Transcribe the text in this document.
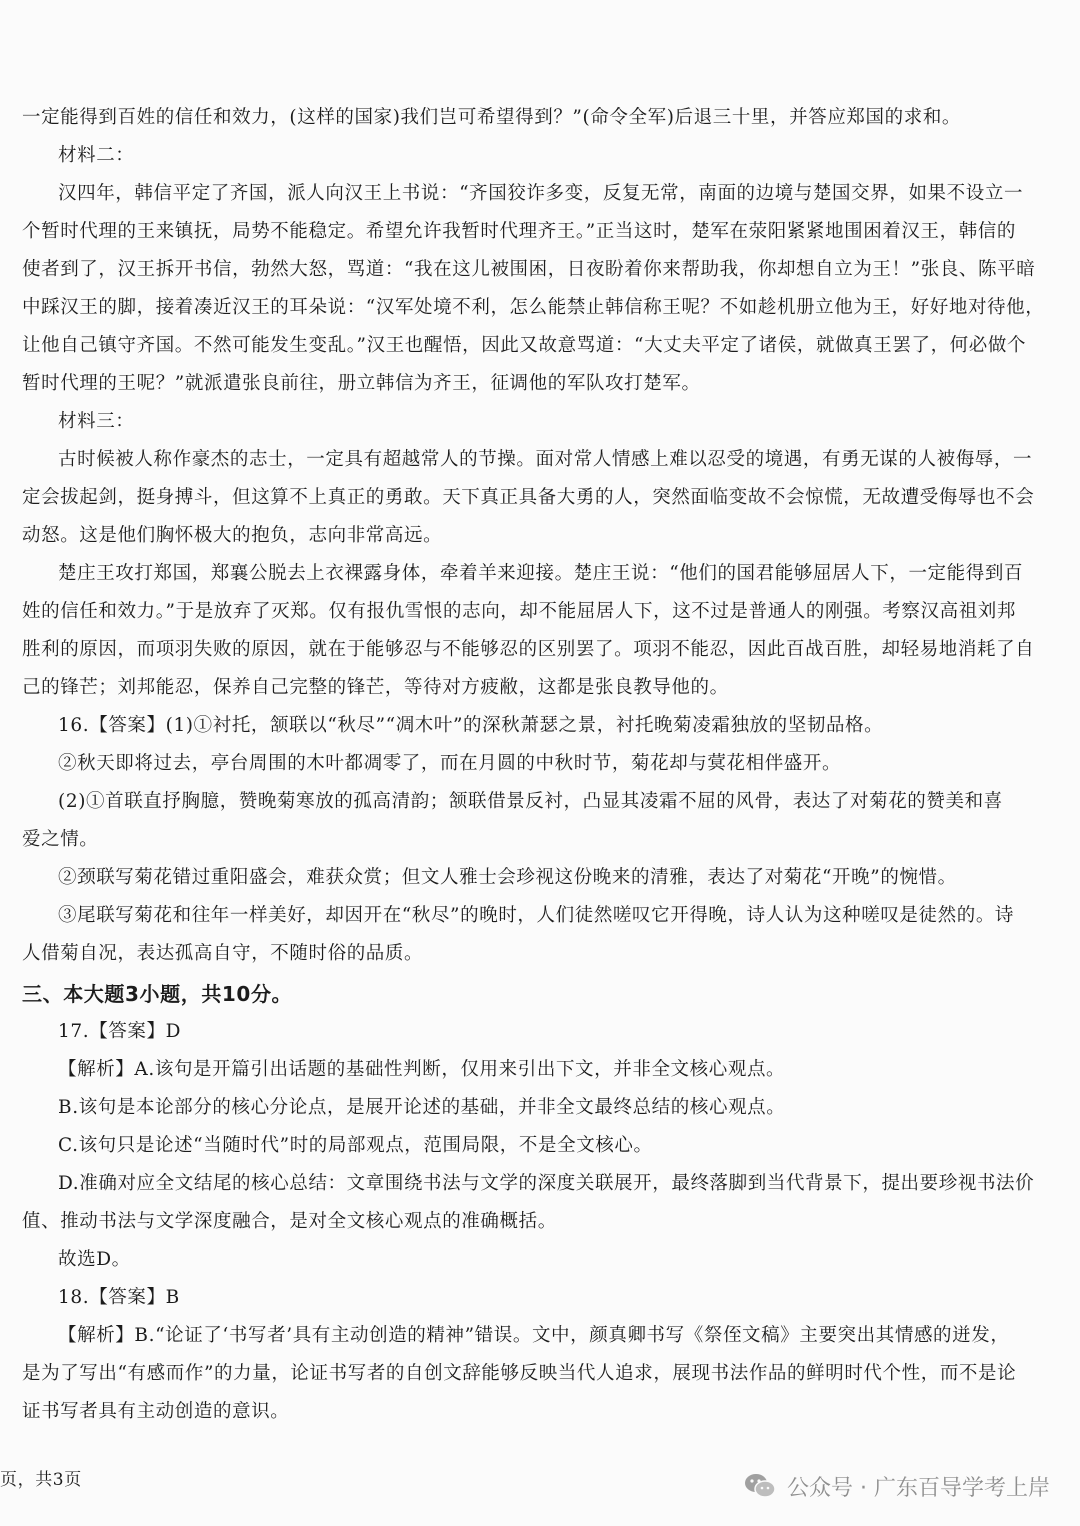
一定能得到百姓的信任和效力，(这样的国家)我们岂可希望得到？”(命令全军)后退三十里，并答应郑国的求和。
材料二：
汉四年，韩信平定了齐国，派人向汉王上书说：“齐国狡诈多变，反复无常，南面的边境与楚国交界，如果不设立一
个暂时代理的王来镇抚，局势不能稳定。希望允许我暂时代理齐王。”正当这时，楚军在荥阳紧紧地围困着汉王，韩信的
使者到了，汉王拆开书信，勃然大怒，骂道：“我在这儿被围困，日夜盼着你来帮助我，你却想自立为王！”张良、陈平暗
中踩汉王的脚，接着凑近汉王的耳朵说：“汉军处境不利，怎么能禁止韩信称王呢？不如趁机册立他为王，好好地对待他，
让他自己镇守齐国。不然可能发生变乱。”汉王也醒悟，因此又故意骂道：“大丈夫平定了诸侯，就做真王罢了，何必做个
暂时代理的王呢？”就派遣张良前往，册立韩信为齐王，征调他的军队攻打楚军。
材料三：
古时候被人称作豪杰的志士，一定具有超越常人的节操。面对常人情感上难以忍受的境遇，有勇无谋的人被侮辱，一
定会拔起剑，挺身搏斗，但这算不上真正的勇敢。天下真正具备大勇的人，突然面临变故不会惊慌，无故遭受侮辱也不会
动怒。这是他们胸怀极大的抱负，志向非常高远。
楚庄王攻打郑国，郑襄公脱去上衣裸露身体，牵着羊来迎接。楚庄王说：“他们的国君能够屈居人下，一定能得到百
姓的信任和效力。”于是放弃了灭郑。仅有报仇雪恨的志向，却不能屈居人下，这不过是普通人的刚强。考察汉高祖刘邦
胜利的原因，而项羽失败的原因，就在于能够忍与不能够忍的区别罢了。项羽不能忍，因此百战百胜，却轻易地消耗了自
己的锋芒；刘邦能忍，保养自己完整的锋芒，等待对方疲敝，这都是张良教导他的。
16.【答案】(1)①衬托，颔联以“秋尽”“凋木叶”的深秋萧瑟之景，衬托晚菊凌霜独放的坚韧品格。
②秋天即将过去，亭台周围的木叶都凋零了，而在月圆的中秋时节，菊花却与蓂花相伴盛开。
(2)①首联直抒胸臆，赞晚菊寒放的孤高清韵；颔联借景反衬，凸显其凌霜不屈的风骨，表达了对菊花的赞美和喜
爱之情。
②颈联写菊花错过重阳盛会，难获众赏；但文人雅士会珍视这份晚来的清雅，表达了对菊花“开晚”的惋惜。
③尾联写菊花和往年一样美好，却因开在“秋尽”的晚时，人们徒然嗟叹它开得晚，诗人认为这种嗟叹是徒然的。诗
人借菊自况，表达孤高自守，不随时俗的品质。
三、本大题3小题，共10分。
17.【答案】D
【解析】A.该句是开篇引出话题的基础性判断，仅用来引出下文，并非全文核心观点。
B.该句是本论部分的核心分论点，是展开论述的基础，并非全文最终总结的核心观点。
C.该句只是论述“当随时代”时的局部观点，范围局限，不是全文核心。
D.准确对应全文结尾的核心总结：文章围绕书法与文学的深度关联展开，最终落脚到当代背景下，提出要珍视书法价
值、推动书法与文学深度融合，是对全文核心观点的准确概括。
故选D。
18.【答案】B
【解析】B.“论证了‘书写者’具有主动创造的精神”错误。文中，颜真卿书写《祭侄文稿》主要突出其情感的迸发，
是为了写出“有感而作”的力量，论证书写者的自创文辞能够反映当代人追求，展现书法作品的鲜明时代个性，而不是论
证书写者具有主动创造的意识。
页，共3页	公众号 · 广东百导学考上岸
